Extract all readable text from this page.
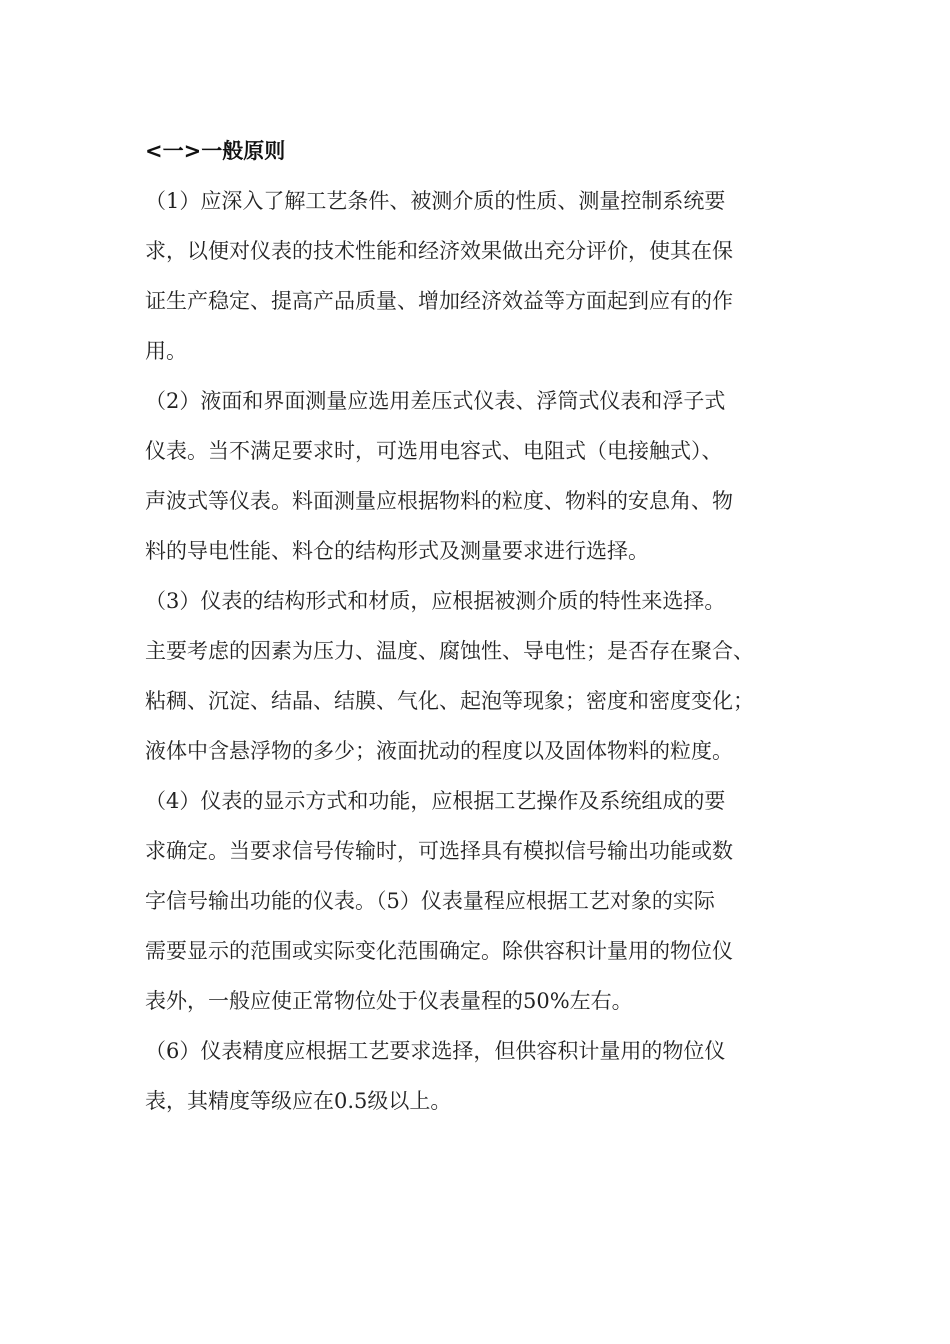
<一>一般原则
（1）应深入了解工艺条件、被测介质的性质、测量控制系统要
求，以便对仪表的技术性能和经济效果做出充分评价，使其在保
证生产稳定、提高产品质量、增加经济效益等方面起到应有的作
用。
（2）液面和界面测量应选用差压式仪表、浮筒式仪表和浮子式
仪表。当不满足要求时，可选用电容式、电阻式（电接触式）、
声波式等仪表。料面测量应根据物料的粒度、物料的安息角、物
料的导电性能、料仓的结构形式及测量要求进行选择。
（3）仪表的结构形式和材质，应根据被测介质的特性来选择。
主要考虑的因素为压力、温度、腐蚀性、导电性；是否存在聚合、
粘稠、沉淀、结晶、结膜、气化、起泡等现象；密度和密度变化；
液体中含悬浮物的多少；液面扰动的程度以及固体物料的粒度。
（4）仪表的显示方式和功能，应根据工艺操作及系统组成的要
求确定。当要求信号传输时，可选择具有模拟信号输出功能或数
字信号输出功能的仪表。（5）仪表量程应根据工艺对象的实际
需要显示的范围或实际变化范围确定。除供容积计量用的物位仪
表外，一般应使正常物位处于仪表量程的50%左右。
（6）仪表精度应根据工艺要求选择，但供容积计量用的物位仪
表，其精度等级应在0.5级以上。
